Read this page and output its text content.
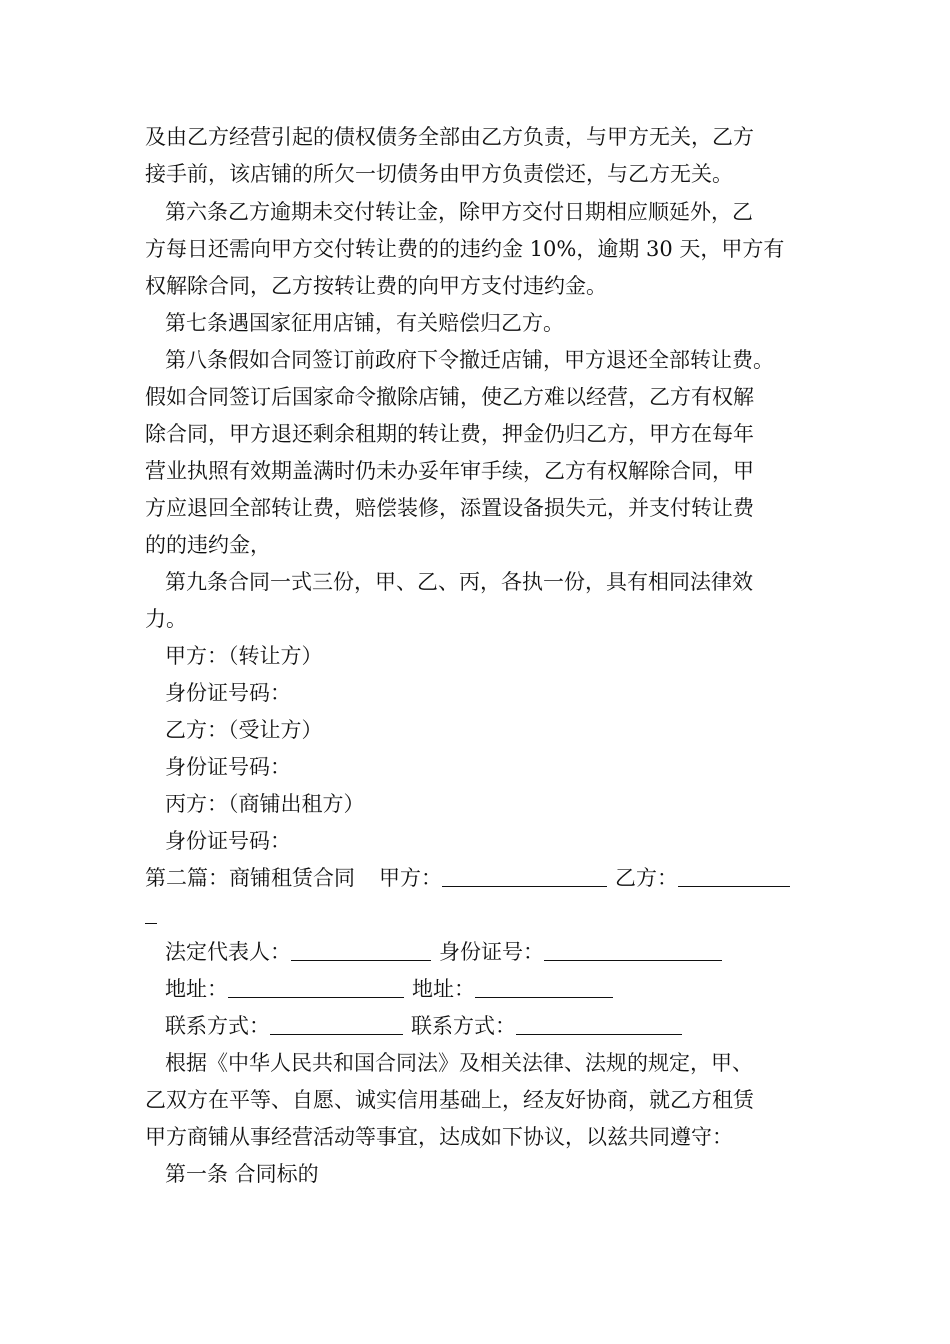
及由乙方经营引起的债权债务全部由乙方负责，与甲方无关，乙方
接手前，该店铺的所欠一切债务由甲方负责偿还，与乙方无关。
第六条乙方逾期未交付转让金，除甲方交付日期相应顺延外，乙
方每日还需向甲方交付转让费的的违约金 10%，逾期 30 天，甲方有
权解除合同，乙方按转让费的向甲方支付违约金。
第七条遇国家征用店铺，有关赔偿归乙方。
第八条假如合同签订前政府下令撤迁店铺，甲方退还全部转让费。
假如合同签订后国家命令撤除店铺，使乙方难以经营，乙方有权解
除合同，甲方退还剩余租期的转让费，押金仍归乙方，甲方在每年
营业执照有效期盖满时仍未办妥年审手续，乙方有权解除合同，甲
方应退回全部转让费，赔偿装修，添置设备损失元，并支付转让费
的的违约金，
第九条合同一式三份，甲、乙、丙，各执一份，具有相同法律效
力。
甲方：（转让方）
身份证号码：
乙方：（受让方）
身份证号码：
丙方：（商铺出租方）
身份证号码：
第二篇：商铺租赁合同 甲方：	乙方：
法定代表人：	身份证号：
地址：	地址：
联系方式：	联系方式：
根据《中华人民共和国合同法》及相关法律、法规的规定，甲、
乙双方在平等、自愿、诚实信用基础上，经友好协商，就乙方租赁
甲方商铺从事经营活动等事宜，达成如下协议，以兹共同遵守：
第一条 合同标的
